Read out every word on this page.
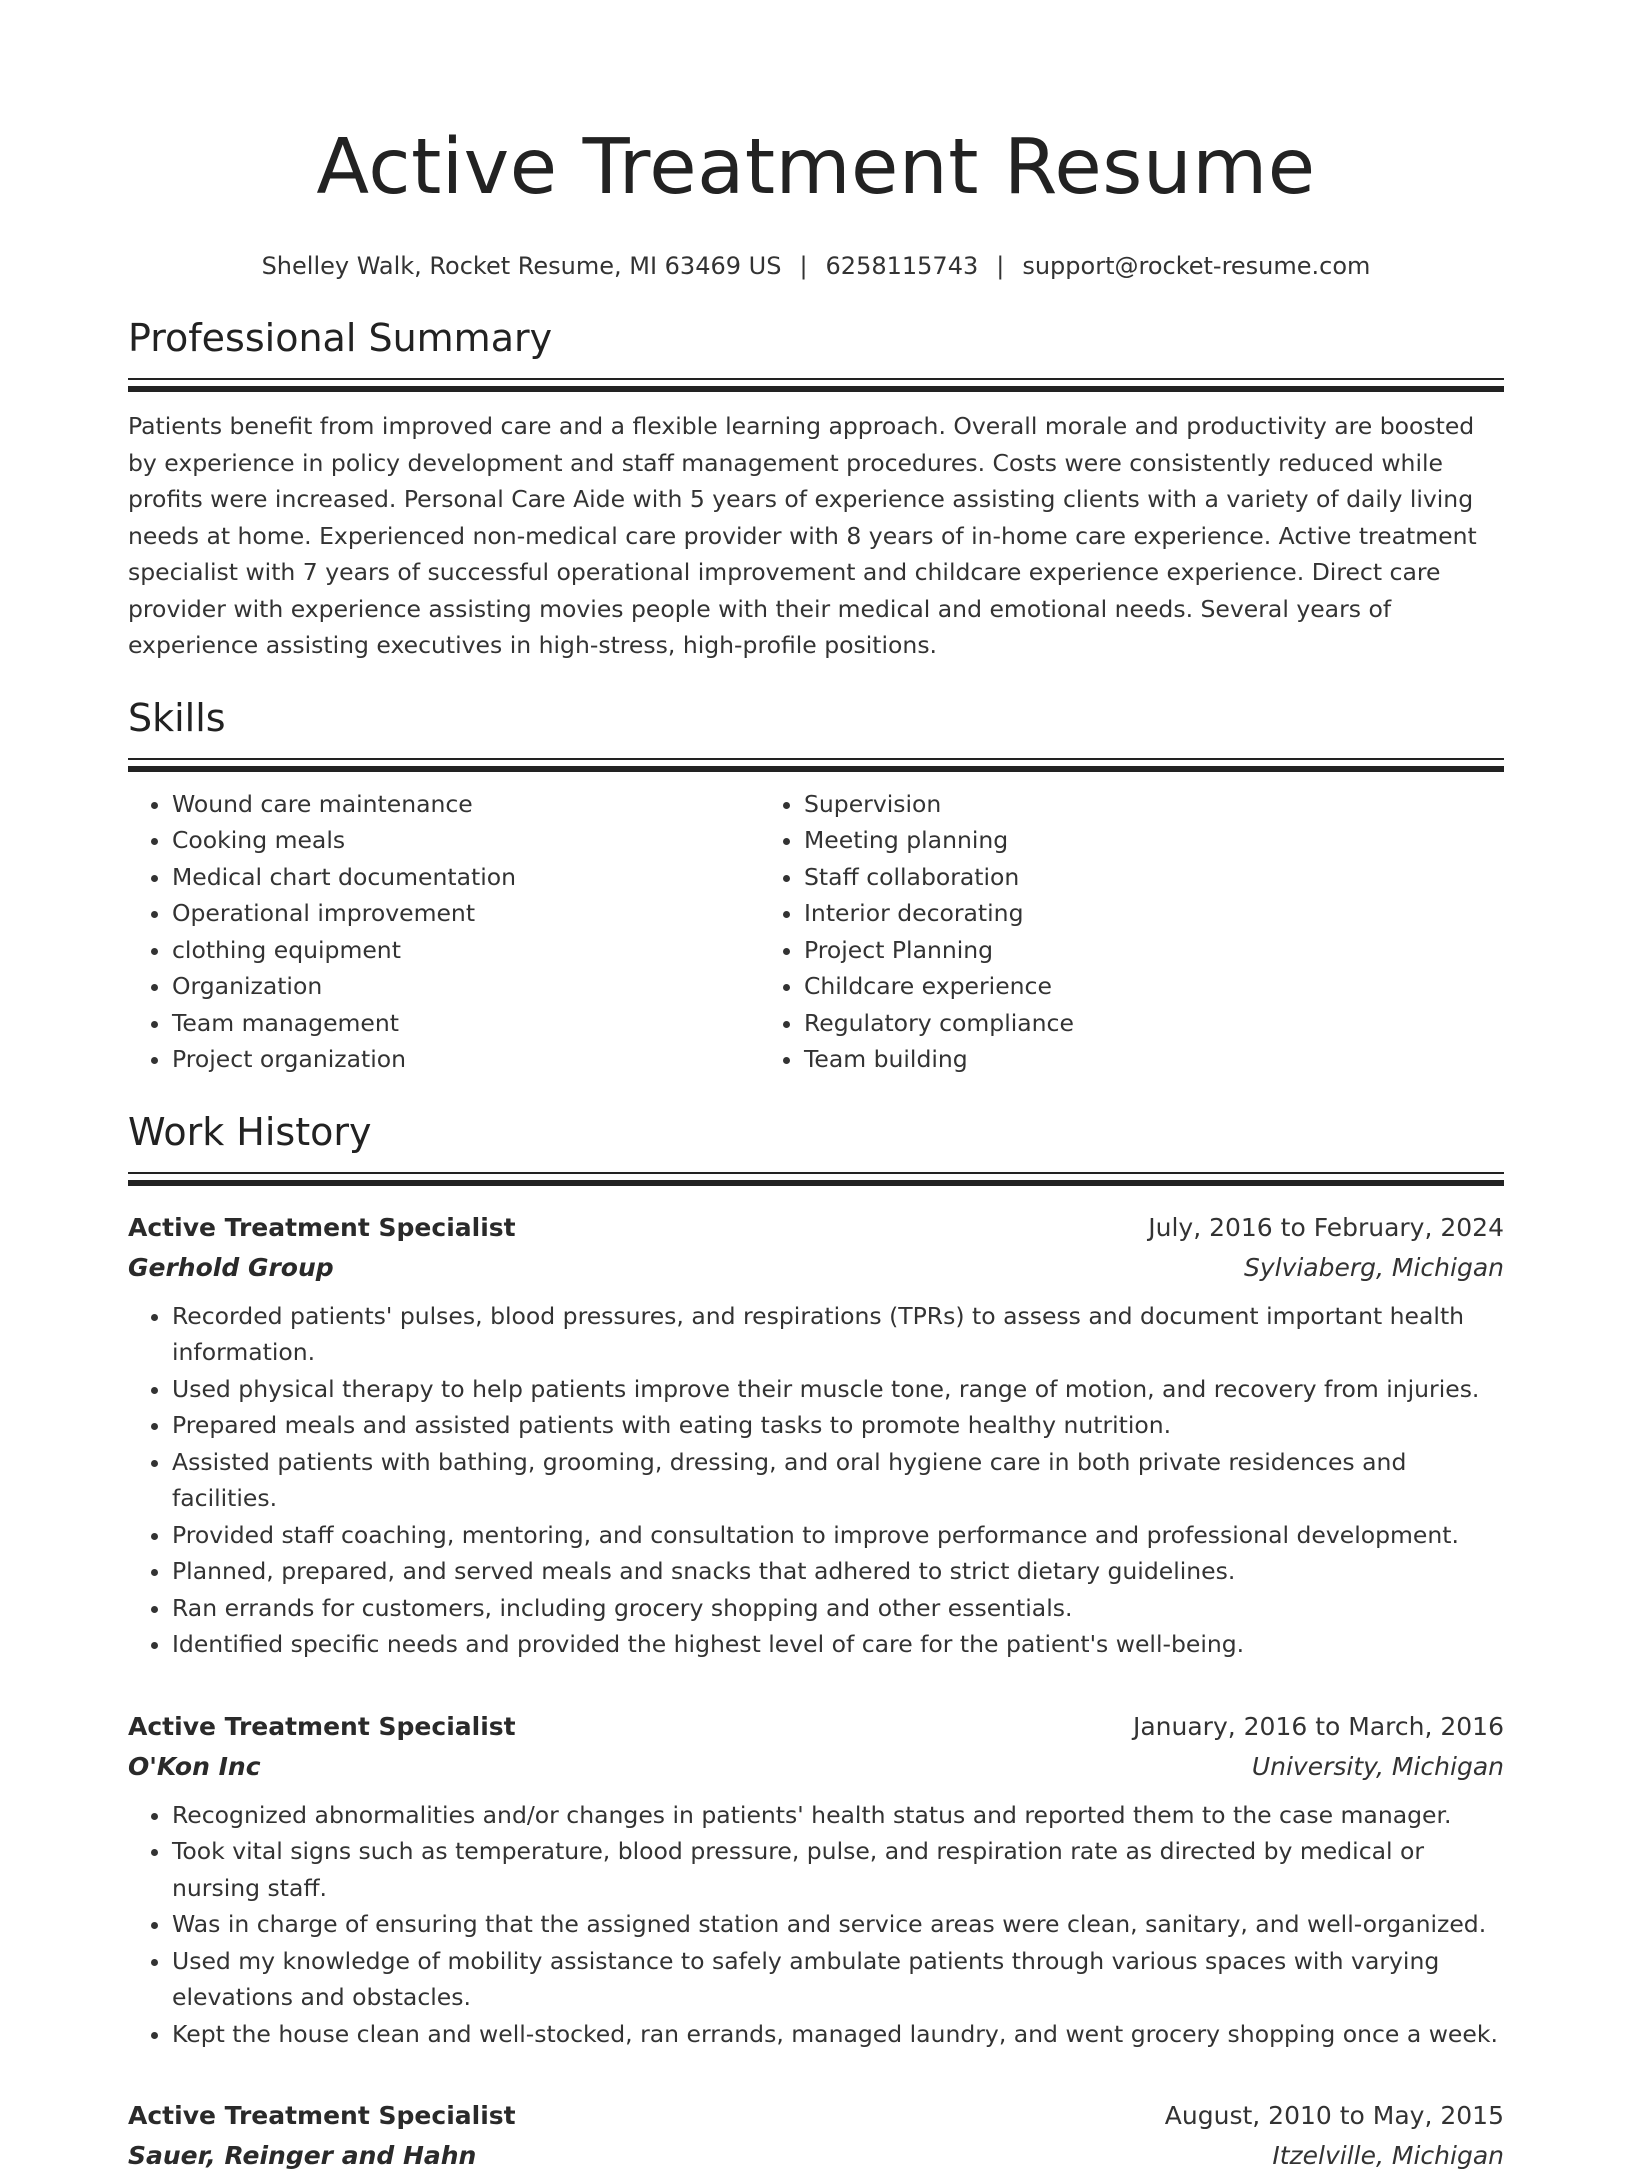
Active Treatment Resume
Shelley Walk, Rocket Resume, MI 63469 US | 6258115743 | support@rocket-resume.com
Professional Summary

Patients benefit from improved care and a flexible learning approach. Overall morale and productivity are boosted by experience in policy development and staff management procedures. Costs were consistently reduced while profits were increased. Personal Care Aide with 5 years of experience assisting clients with a variety of daily living needs at home. Experienced non-medical care provider with 8 years of in-home care experience. Active treatment specialist with 7 years of successful operational improvement and childcare experience experience. Direct care provider with experience assisting movies people with their medical and emotional needs. Several years of experience assisting executives in high-stress, high-profile positions.

Skills
• Wound care maintenance
• Cooking meals
• Medical chart documentation
• Operational improvement
• clothing equipment
• Organization
• Team management
• Project organization
• Supervision
• Meeting planning
• Staff collaboration
• Interior decorating
• Project Planning
• Childcare experience
• Regulatory compliance
• Team building
Work History
Active Treatment Specialist	July, 2016 to February, 2024
Gerhold Group	Sylviaberg, Michigan
• Recorded patients' pulses, blood pressures, and respirations (TPRs) to assess and document important health information.
• Used physical therapy to help patients improve their muscle tone, range of motion, and recovery from injuries.
• Prepared meals and assisted patients with eating tasks to promote healthy nutrition.
• Assisted patients with bathing, grooming, dressing, and oral hygiene care in both private residences and facilities.
• Provided staff coaching, mentoring, and consultation to improve performance and professional development.
• Planned, prepared, and served meals and snacks that adhered to strict dietary guidelines.
• Ran errands for customers, including grocery shopping and other essentials.
• Identified specific needs and provided the highest level of care for the patient's well-being.
Active Treatment Specialist	January, 2016 to March, 2016
O'Kon Inc	University, Michigan
• Recognized abnormalities and/or changes in patients' health status and reported them to the case manager.
• Took vital signs such as temperature, blood pressure, pulse, and respiration rate as directed by medical or nursing staff.
• Was in charge of ensuring that the assigned station and service areas were clean, sanitary, and well-organized.
• Used my knowledge of mobility assistance to safely ambulate patients through various spaces with varying elevations and obstacles.
• Kept the house clean and well-stocked, ran errands, managed laundry, and went grocery shopping once a week.
Active Treatment Specialist	August, 2010 to May, 2015
Sauer, Reinger and Hahn	Itzelville, Michigan
